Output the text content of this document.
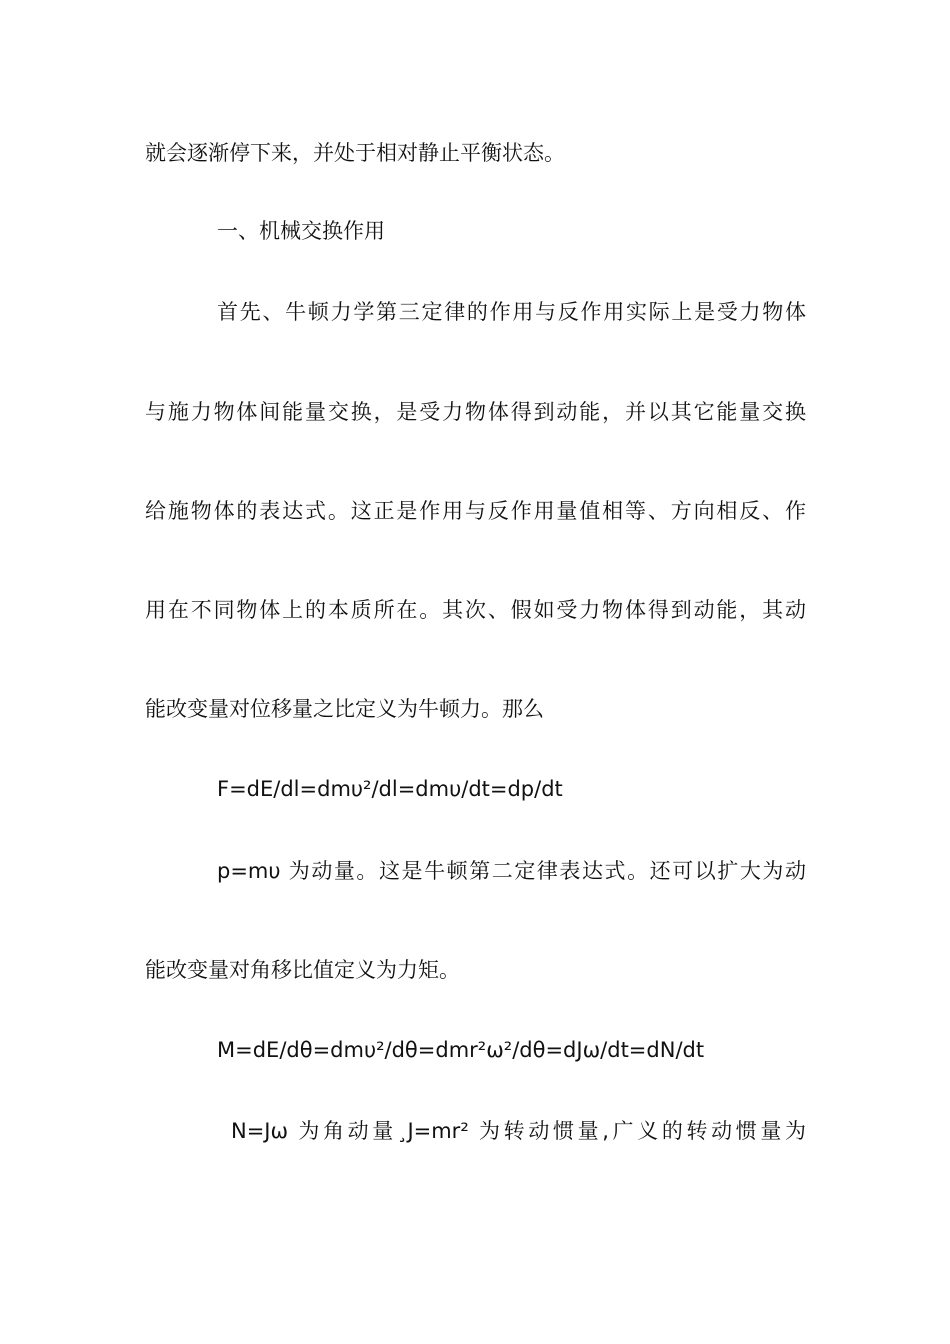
就会逐渐停下来，并处于相对静止平衡状态。
一、机械交换作用
首先、牛顿力学第三定律的作用与反作用实际上是受力物体
与施力物体间能量交换，是受力物体得到动能，并以其它能量交换
给施物体的表达式。这正是作用与反作用量值相等、方向相反、作
用在不同物体上的本质所在。其次、假如受力物体得到动能，其动
能改变量对位移量之比定义为牛顿力。那么
F=dE/dl=dmυ²/dl=dmυ/dt=dp/dt
p=mυ 为动量。这是牛顿第二定律表达式。还可以扩大为动
能改变量对角移比值定义为力矩。
M=dE/dθ=dmυ²/dθ=dmr²ω²/dθ=dJω/dt=dN/dt
N=Jω 为角动量¸J=mr² 为转动惯量,广义的转动惯量为
